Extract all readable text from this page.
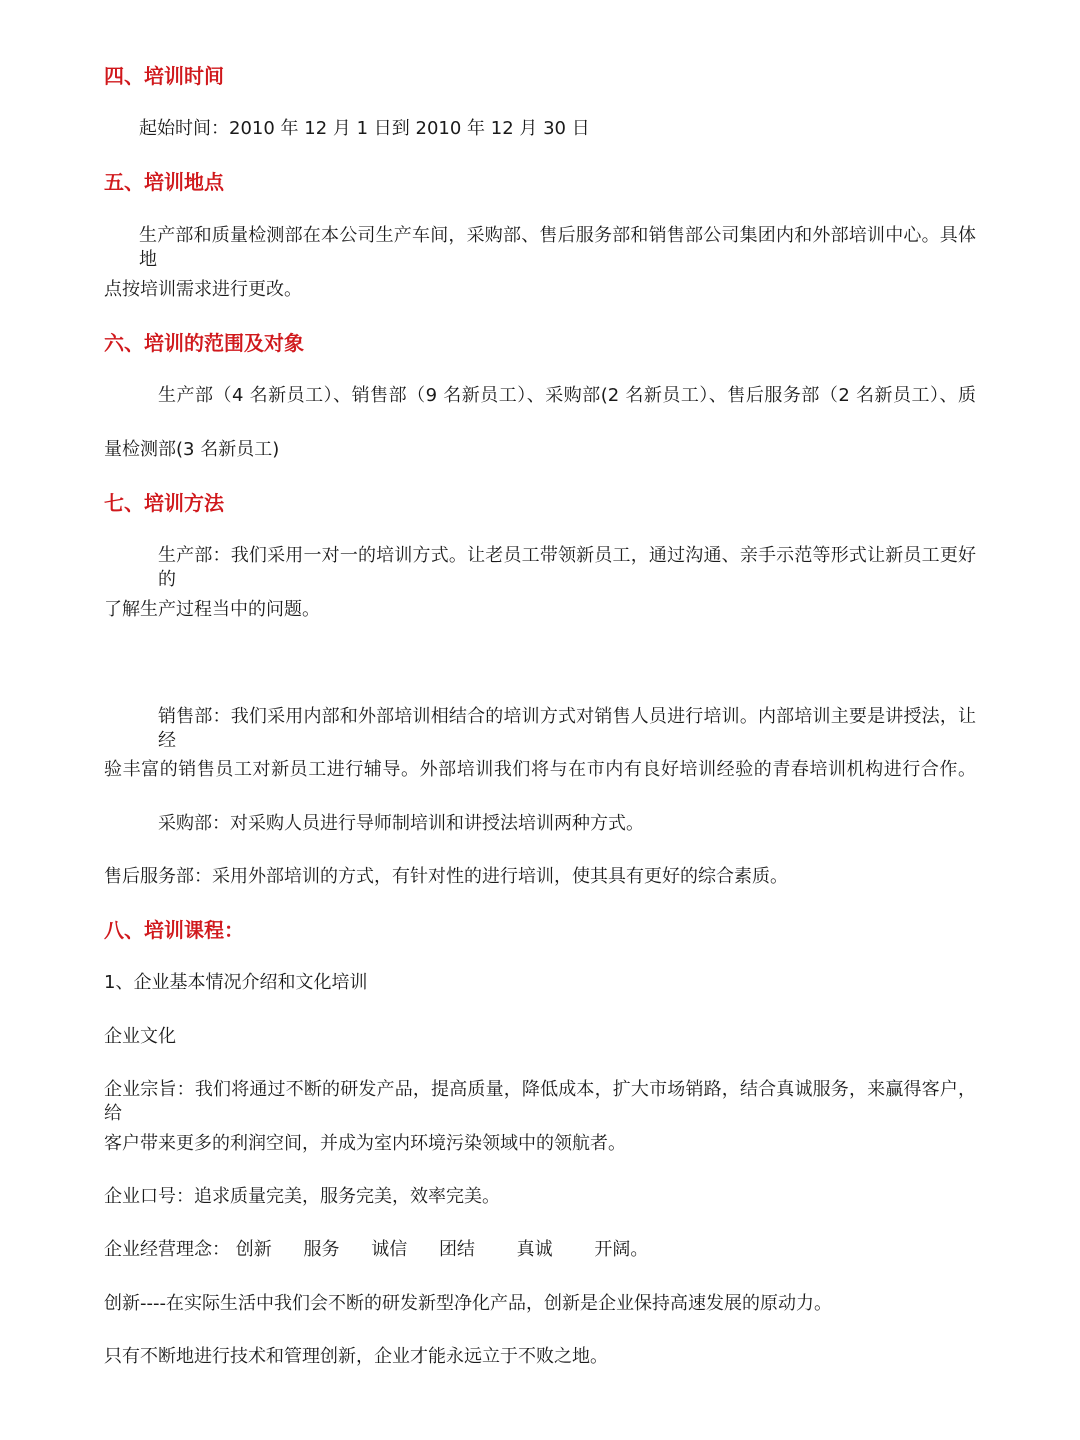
四、培训时间
起始时间：2010 年 12 月 1 日到 2010 年 12 月 30 日
五、培训地点
生产部和质量检测部在本公司生产车间，采购部、售后服务部和销售部公司集团内和外部培训中心。具体地
点按培训需求进行更改。
六、培训的范围及对象
生产部（4 名新员工）、销售部（9 名新员工）、采购部(2 名新员工）、售后服务部（2 名新员工）、质
量检测部(3 名新员工)
七、培训方法
生产部：我们采用一对一的培训方式。让老员工带领新员工，通过沟通、亲手示范等形式让新员工更好的
了解生产过程当中的问题。
销售部：我们采用内部和外部培训相结合的培训方式对销售人员进行培训。内部培训主要是讲授法，让经
验丰富的销售员工对新员工进行辅导。外部培训我们将与在市内有良好培训经验的青春培训机构进行合作。
采购部：对采购人员进行导师制培训和讲授法培训两种方式。
售后服务部：采用外部培训的方式，有针对性的进行培训，使其具有更好的综合素质。
八、培训课程：
1、企业基本情况介绍和文化培训
企业文化
企业宗旨：我们将通过不断的研发产品，提高质量，降低成本，扩大市场销路，结合真诚服务，来赢得客户，给
客户带来更多的利润空间，并成为室内环境污染领域中的领航者。
企业口号：追求质量完美，服务完美，效率完美。
企业经营理念： 创新 服务 诚信 团结 真诚 开阔。
创新----在实际生活中我们会不断的研发新型净化产品，创新是企业保持高速发展的原动力。
只有不断地进行技术和管理创新，企业才能永远立于不败之地。
